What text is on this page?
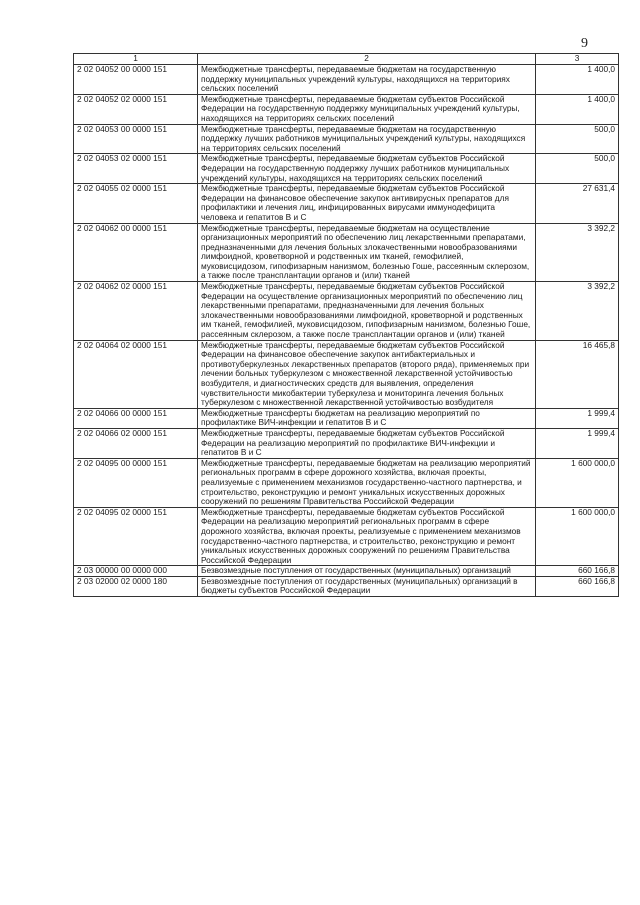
9
1	2	3
2 02 04052 00 0000 151	Межбюджетные трансферты, передаваемые бюджетам на государственную поддержку муниципальных учреждений культуры, находящихся на территориях сельских поселений	1 400,0
2 02 04052 02 0000 151	Межбюджетные трансферты, передаваемые бюджетам субъектов Российской Федерации на государственную поддержку муниципальных учреждений культуры, находящихся на территориях сельских поселений	1 400,0
2 02 04053 00 0000 151	Межбюджетные трансферты, передаваемые бюджетам на государственную поддержку лучших работников муниципальных учреждений культуры, находящихся на территориях сельских поселений	500,0
2 02 04053 02 0000 151	Межбюджетные трансферты, передаваемые бюджетам субъектов Российской Федерации на государственную поддержку лучших работников муниципальных учреждений культуры, находящихся на территориях сельских поселений	500,0
2 02 04055 02 0000 151	Межбюджетные трансферты, передаваемые бюджетам субъектов Российской Федерации на финансовое обеспечение закупок антивирусных препаратов для профилактики и лечения лиц, инфицированных вирусами иммунодефицита человека и гепатитов В и С	27 631,4
2 02 04062 00 0000 151	Межбюджетные трансферты, передаваемые бюджетам на осуществление организационных мероприятий по обеспечению лиц лекарственными препаратами, предназначенными для лечения больных злокачественными новообразованиями лимфоидной, кроветворной и родственных им тканей, гемофилией, муковисцидозом, гипофизарным нанизмом, болезнью Гоше, рассеянным склерозом, а также после трансплантации органов и (или) тканей	3 392,2
2 02 04062 02 0000 151	Межбюджетные трансферты, передаваемые бюджетам субъектов Российской Федерации на осуществление организационных мероприятий по обеспечению лиц лекарственными препаратами, предназначенными для лечения больных злокачественными новообразованиями лимфоидной, кроветворной и родственных им тканей, гемофилией, муковисцидозом, гипофизарным нанизмом, болезнью Гоше, рассеянным склерозом, а также после трансплантации органов и (или) тканей	3 392,2
2 02 04064 02 0000 151	Межбюджетные трансферты, передаваемые бюджетам субъектов Российской Федерации на финансовое обеспечение закупок антибактериальных и противотуберкулезных лекарственных препаратов (второго ряда), применяемых при лечении больных туберкулезом с множественной лекарственной устойчивостью возбудителя, и диагностических средств для выявления, определения чувствительности микобактерии туберкулеза и мониторинга лечения больных туберкулезом с множественной лекарственной устойчивостью возбудителя	16 465,8
2 02 04066 00 0000 151	Межбюджетные трансферты бюджетам на реализацию мероприятий по профилактике ВИЧ-инфекции и гепатитов В и С	1 999,4
2 02 04066 02 0000 151	Межбюджетные трансферты, передаваемые бюджетам субъектов Российской Федерации на реализацию мероприятий по профилактике ВИЧ-инфекции и гепатитов В и С	1 999,4
2 02 04095 00 0000 151	Межбюджетные трансферты, передаваемые бюджетам на реализацию мероприятий региональных программ в сфере дорожного хозяйства, включая проекты, реализуемые с применением механизмов государственно-частного партнерства, и строительство, реконструкцию и ремонт уникальных искусственных дорожных сооружений по решениям Правительства Российской Федерации	1 600 000,0
2 02 04095 02 0000 151	Межбюджетные трансферты, передаваемые бюджетам субъектов Российской Федерации на реализацию мероприятий региональных программ в сфере дорожного хозяйства, включая проекты, реализуемые с применением механизмов государственно-частного партнерства, и строительство, реконструкцию и ремонт уникальных искусственных дорожных сооружений по решениям Правительства Российской Федерации	1 600 000,0
2 03 00000 00 0000 000	Безвозмездные поступления от государственных (муниципальных) организаций	660 166,8
2 03 02000 02 0000 180	Безвозмездные поступления от государственных (муниципальных) организаций в бюджеты субъектов Российской Федерации	660 166,8
